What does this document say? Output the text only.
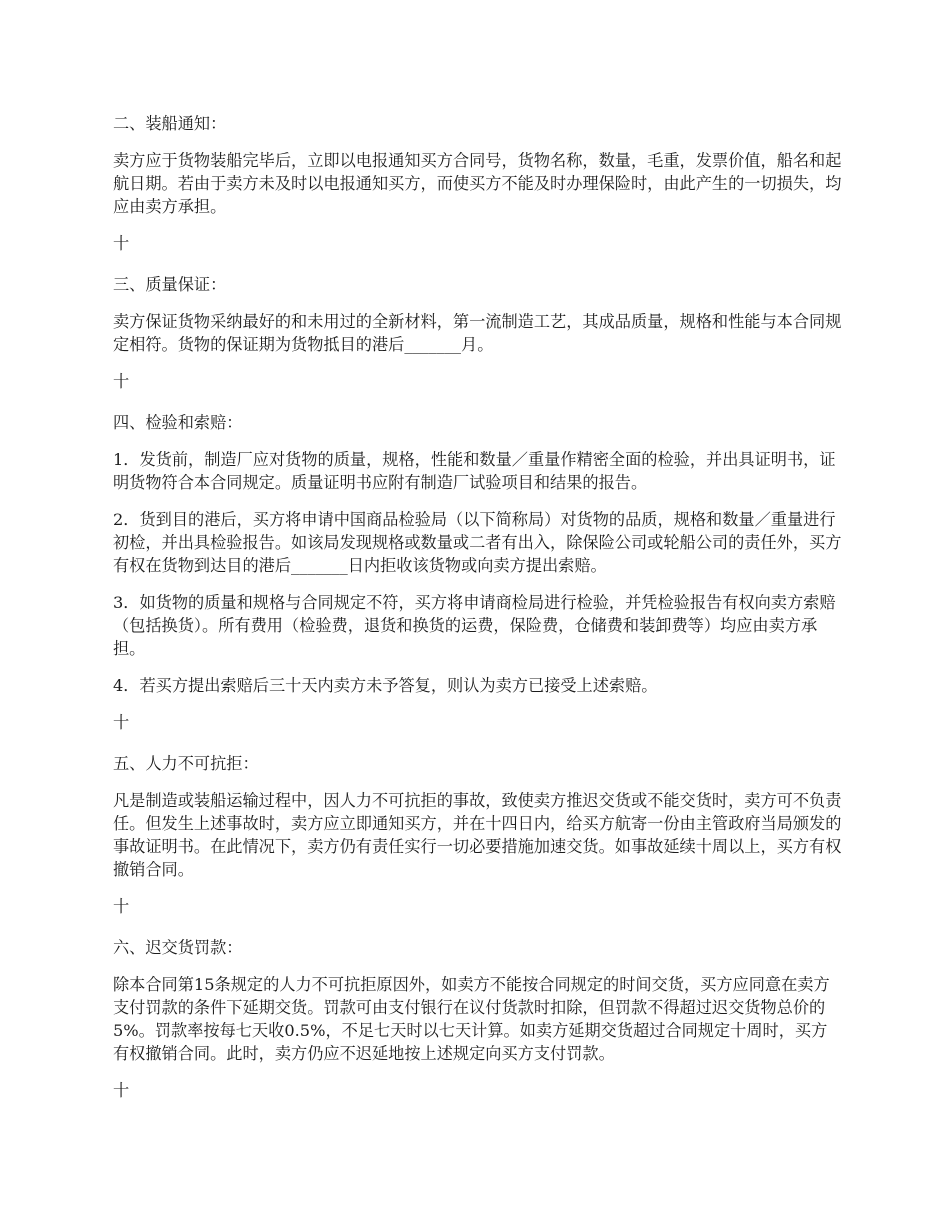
二、装船通知：

卖方应于货物装船完毕后，立即以电报通知买方合同号，货物名称，数量，毛重，发票价值，船名和起航日期。若由于卖方未及时以电报通知买方，而使买方不能及时办理保险时，由此产生的一切损失，均应由卖方承担。

十

三、质量保证：

卖方保证货物采纳最好的和未用过的全新材料，第一流制造工艺，其成品质量，规格和性能与本合同规定相符。货物的保证期为货物抵目的港后_______月。

十

四、检验和索赔：

1．发货前，制造厂应对货物的质量，规格，性能和数量／重量作精密全面的检验，并出具证明书，证明货物符合本合同规定。质量证明书应附有制造厂试验项目和结果的报告。

2．货到目的港后，买方将申请中国商品检验局（以下简称局）对货物的品质，规格和数量／重量进行初检，并出具检验报告。如该局发现规格或数量或二者有出入，除保险公司或轮船公司的责任外，买方有权在货物到达目的港后_______日内拒收该货物或向卖方提出索赔。

3．如货物的质量和规格与合同规定不符，买方将申请商检局进行检验，并凭检验报告有权向卖方索赔（包括换货）。所有费用（检验费，退货和换货的运费，保险费，仓储费和装卸费等）均应由卖方承担。

4．若买方提出索赔后三十天内卖方未予答复，则认为卖方已接受上述索赔。

十

五、人力不可抗拒：

凡是制造或装船运输过程中，因人力不可抗拒的事故，致使卖方推迟交货或不能交货时，卖方可不负责任。但发生上述事故时，卖方应立即通知买方，并在十四日内，给买方航寄一份由主管政府当局颁发的事故证明书。在此情况下，卖方仍有责任实行一切必要措施加速交货。如事故延续十周以上，买方有权撤销合同。

十

六、迟交货罚款：

除本合同第15条规定的人力不可抗拒原因外，如卖方不能按合同规定的时间交货，买方应同意在卖方支付罚款的条件下延期交货。罚款可由支付银行在议付货款时扣除，但罚款不得超过迟交货物总价的5%。罚款率按每七天收0.5%，不足七天时以七天计算。如卖方延期交货超过合同规定十周时，买方有权撤销合同。此时，卖方仍应不迟延地按上述规定向买方支付罚款。

十
